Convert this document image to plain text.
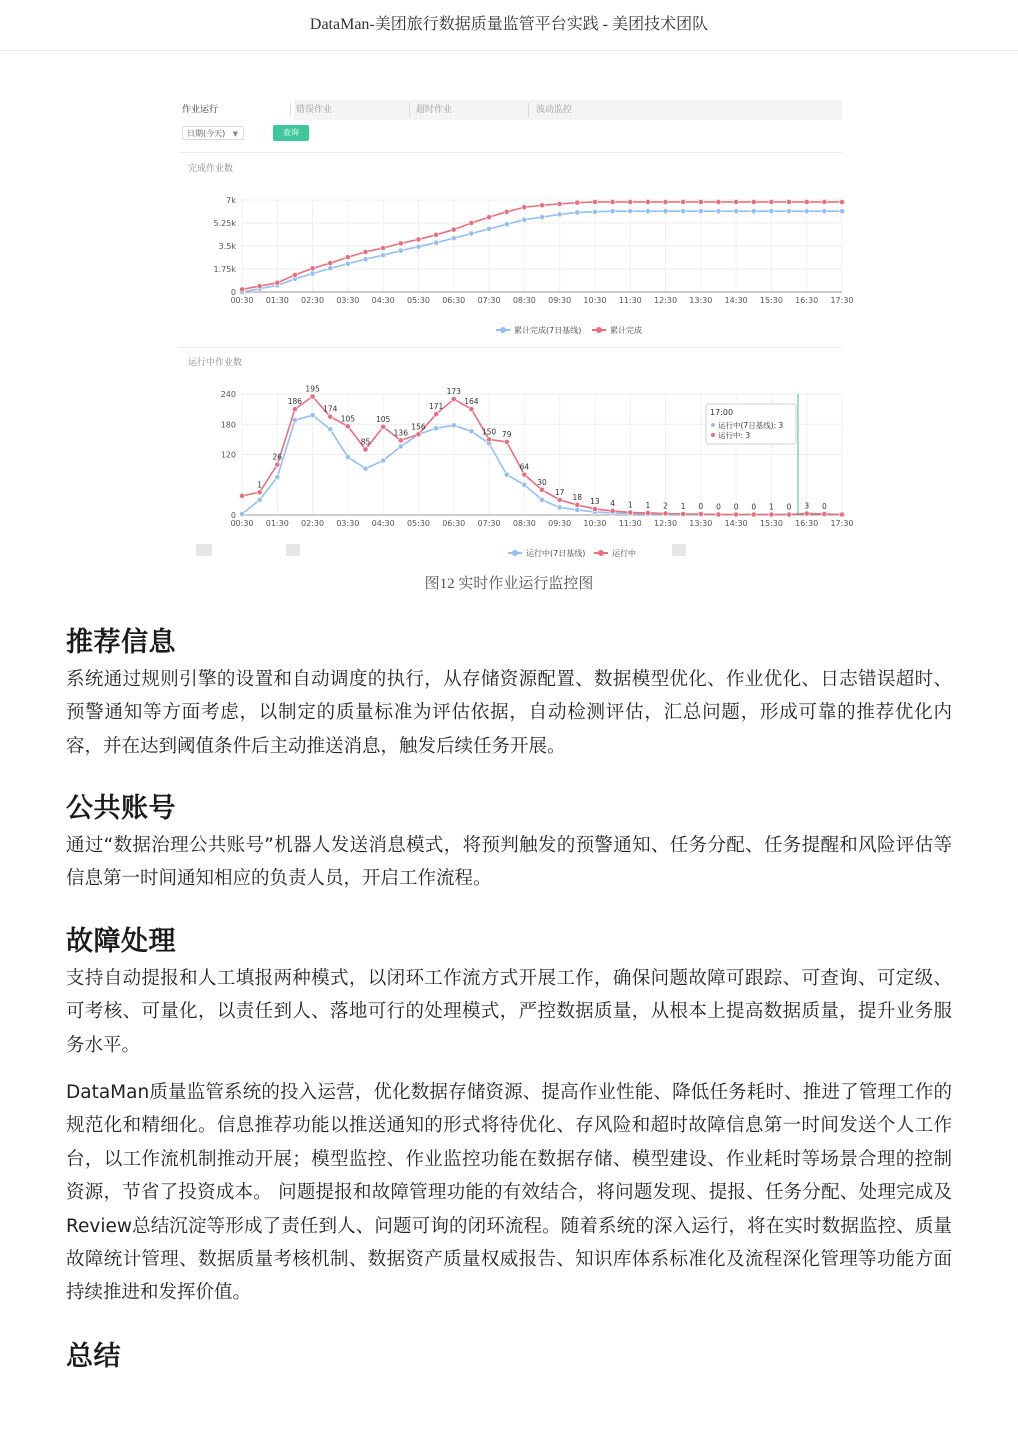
DataMan-美团旅行数据质量监管平台实践 - 美团技术团队
作业运行	错误作业	超时作业	波动监控
日期(今天) ▼	查询
完成作业数
0
1.75k
3.5k
5.25k
7k
00:30 01:30 02:30 03:30 04:30 05:30 06:30 07:30 08:30 09:30 10:30 11:30 12:30 13:30 14:30 15:30 16:30 17:30
累计完成(7日基线)	累计完成
运行中作业数
0
120
180
240
00:30 01:30 02:30 03:30 04:30 05:30 06:30 07:30 08:30 09:30 10:30 11:30 12:30 13:30 14:30 15:30 16:30 17:30
运行中(7日基线)	运行中
1
26
186
195
174
105
85
105
136
156
171
173
164
150 79
64
30
17
18 13 4 1 1 2 1 0 0 0 0 1 0 3 0
17:00
运行中(7日基线): 3
运行中: 3
图12 实时作业运行监控图
推荐信息

系统通过规则引擎的设置和自动调度的执行，从存储资源配置、数据模型优化、作业优化、日志错误超时、预警通知等方面考虑，以制定的质量标准为评估依据，自动检测评估，汇总问题，形成可靠的推荐优化内容，并在达到阈值条件后主动推送消息，触发后续任务开展。

公共账号

通过“数据治理公共账号”机器人发送消息模式，将预判触发的预警通知、任务分配、任务提醒和风险评估等信息第一时间通知相应的负责人员，开启工作流程。

故障处理

支持自动提报和人工填报两种模式，以闭环工作流方式开展工作，确保问题故障可跟踪、可查询、可定级、可考核、可量化，以责任到人、落地可行的处理模式，严控数据质量，从根本上提高数据质量，提升业务服务水平。

DataMan质量监管系统的投入运营，优化数据存储资源、提高作业性能、降低任务耗时、推进了管理工作的规范化和精细化。信息推荐功能以推送通知的形式将待优化、存风险和超时故障信息第一时间发送个人工作台，以工作流机制推动开展；模型监控、作业监控功能在数据存储、模型建设、作业耗时等场景合理的控制资源，节省了投资成本。 问题提报和故障管理功能的有效结合，将问题发现、提报、任务分配、处理完成及Review总结沉淀等形成了责任到人、问题可询的闭环流程。随着系统的深入运行，将在实时数据监控、质量故障统计管理、数据质量考核机制、数据资产质量权威报告、知识库体系标准化及流程深化管理等功能方面持续推进和发挥价值。

总结
